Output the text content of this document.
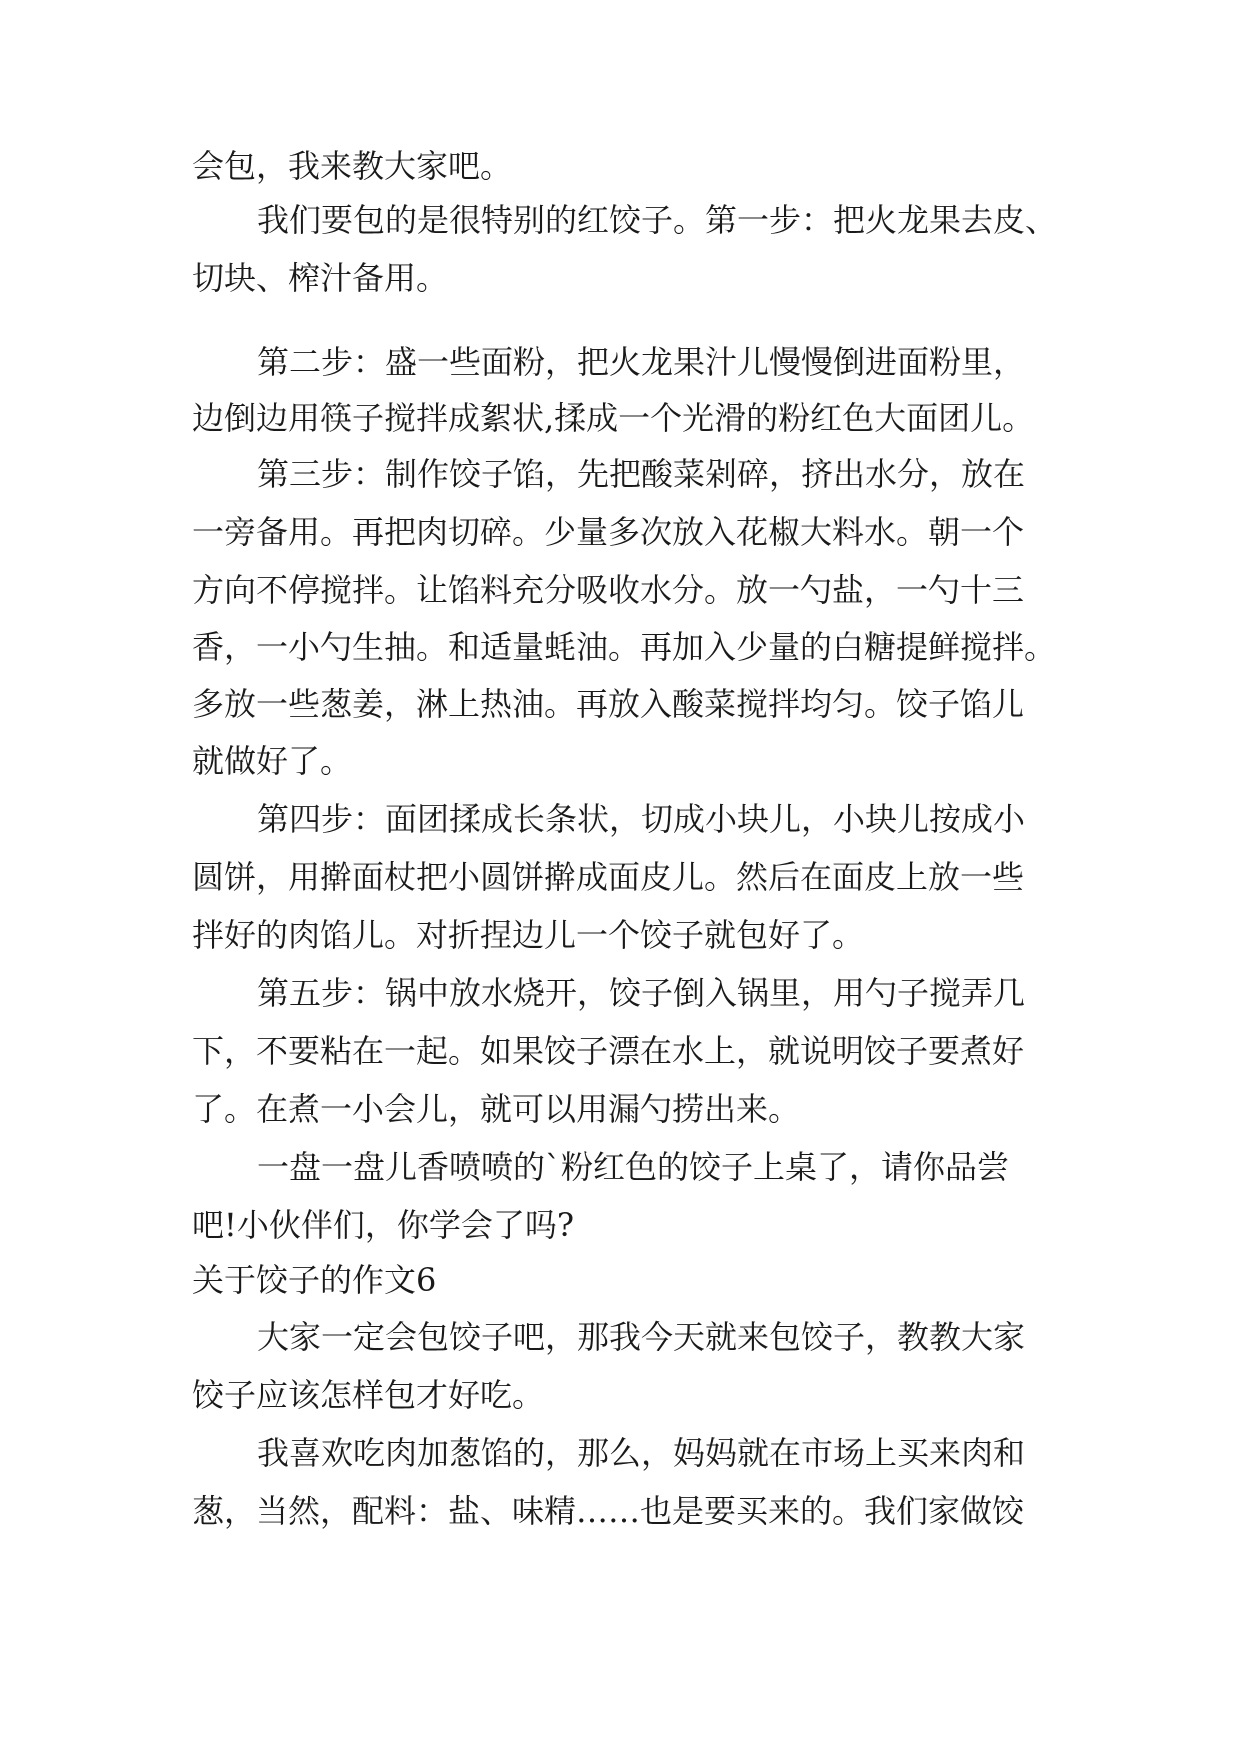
会包，我来教大家吧。
我们要包的是很特别的红饺子。第一步：把火龙果去皮、
切块、榨汁备用。
第二步：盛一些面粉，把火龙果汁儿慢慢倒进面粉里，
边倒边用筷子搅拌成絮状,揉成一个光滑的粉红色大面团儿。
第三步：制作饺子馅，先把酸菜剁碎，挤出水分，放在
一旁备用。再把肉切碎。少量多次放入花椒大料水。朝一个
方向不停搅拌。让馅料充分吸收水分。放一勺盐，一勺十三
香，一小勺生抽。和适量蚝油。再加入少量的白糖提鲜搅拌。
多放一些葱姜，淋上热油。再放入酸菜搅拌均匀。饺子馅儿
就做好了。
第四步：面团揉成长条状，切成小块儿，小块儿按成小
圆饼，用擀面杖把小圆饼擀成面皮儿。然后在面皮上放一些
拌好的肉馅儿。对折捏边儿一个饺子就包好了。
第五步：锅中放水烧开，饺子倒入锅里，用勺子搅弄几
下，不要粘在一起。如果饺子漂在水上，就说明饺子要煮好
了。在煮一小会儿，就可以用漏勺捞出来。
一盘一盘儿香喷喷的`粉红色的饺子上桌了，请你品尝
吧!小伙伴们，你学会了吗?
关于饺子的作文6
大家一定会包饺子吧，那我今天就来包饺子，教教大家
饺子应该怎样包才好吃。
我喜欢吃肉加葱馅的，那么，妈妈就在市场上买来肉和
葱，当然，配料：盐、味精……也是要买来的。我们家做饺
